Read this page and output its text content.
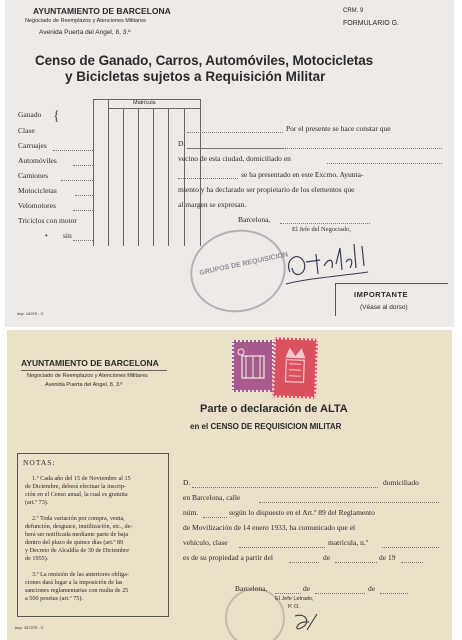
AYUNTAMIENTO DE BARCELONA
Negociado de Reemplazos y Atenciones Militares
Avenida Puerta del Angel, 8, 3.º
CRM. 9
FORMULARIO G.
Censo de Ganado, Carros, Automóviles, Motocicletas
y Bicicletas sujetos a Requisición Militar
Matrícula
Ganado
Clase
Carruajes
Automóviles
Camiones
Motocicletas
Velomotores
Triciclos con motor
sin
{
•
D.
Por el presente se hace constar que
vecino de esta ciudad, domiciliado en
se ha presentado en este Excmo. Ayunta-
miento y ha declarado ser propietario de los elementos que
al margen se expresan.
Barcelona,
El Jefe del Negociado,
GRUPOS DE REQUISICION
IMPORTANTE
(Véase al dorso)
Imp. 14979 - C
AYUNTAMIENTO DE BARCELONA
Negociado de Reemplazos y Atenciones Militares
Avenida Puerta del Angel, 8, 3.º
Parte o declaración de ALTA
en el CENSO DE REQUISICION MILITAR
NOTAS:
1.º Cada año del 15 de Noviembre al 15
de Diciembre, deberá efectuar la inscrip-
ción en el Censo anual, la cual es gratuita
(art.º 73).
2.º Toda variación por compra, venta,
defunción, desguace, inutilización, etc., de-
berá ser notificada mediante parte de baja
dentro del plazo de quince días (art.º 89
y Decreto de Alcaldía de 30 de Diciembre
de 1955).
3.º La omisión de las anteriores obliga-
ciones dará lugar a la imposición de las
sanciones reglamentarias con multa de 25
a 500 pesetas (art.º 75).
D.	domiciliado
en Barcelona, calle
núm.	según lo dispuesto en el Art.º 89 del Reglamento
de Movilización de 14 enero 1933, ha comunicado que el
vehículo, clase	matrícula, n.º
es de su propiedad a partir del	de	de 19
Barcelona,	de	de
El Jefe Letrado,
P. O.
Imp. 187279 - C
